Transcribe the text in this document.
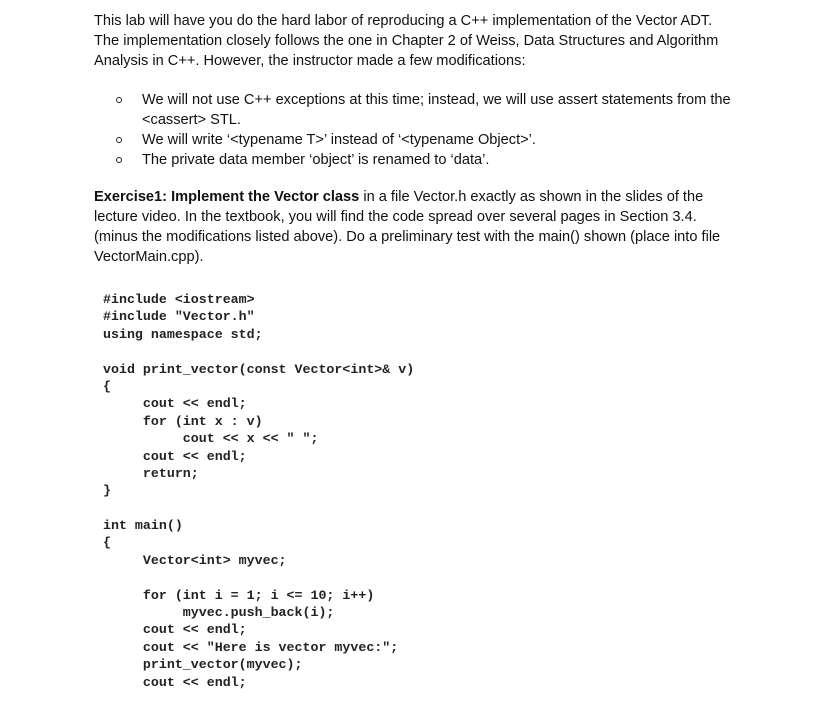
This lab will have you do the hard labor of reproducing a C++ implementation of the Vector ADT. The implementation closely follows the one in Chapter 2 of Weiss, Data Structures and Algorithm Analysis in C++. However, the instructor made a few modifications:

We will not use C++ exceptions at this time; instead, we will use assert statements from the <cassert> STL.
We will write ‘<typename T>’ instead of ‘<typename Object>’.
The private data member ‘object’ is renamed to ‘data’.

Exercise1: Implement the Vector class in a file Vector.h exactly as shown in the slides of the lecture video. In the textbook, you will find the code spread over several pages in Section 3.4. (minus the modifications listed above). Do a preliminary test with the main() shown (place into file VectorMain.cpp).

#include <iostream>
#include "Vector.h"
using namespace std;
void print_vector(const Vector<int>& v)
{
cout << endl;
for (int x : v)
cout << x << " ";
cout << endl;
return;
}
int main()
{
Vector<int> myvec;
for (int i = 1; i <= 10; i++)
myvec.push_back(i);
cout << endl;
cout << "Here is vector myvec:";
print_vector(myvec);
cout << endl;
